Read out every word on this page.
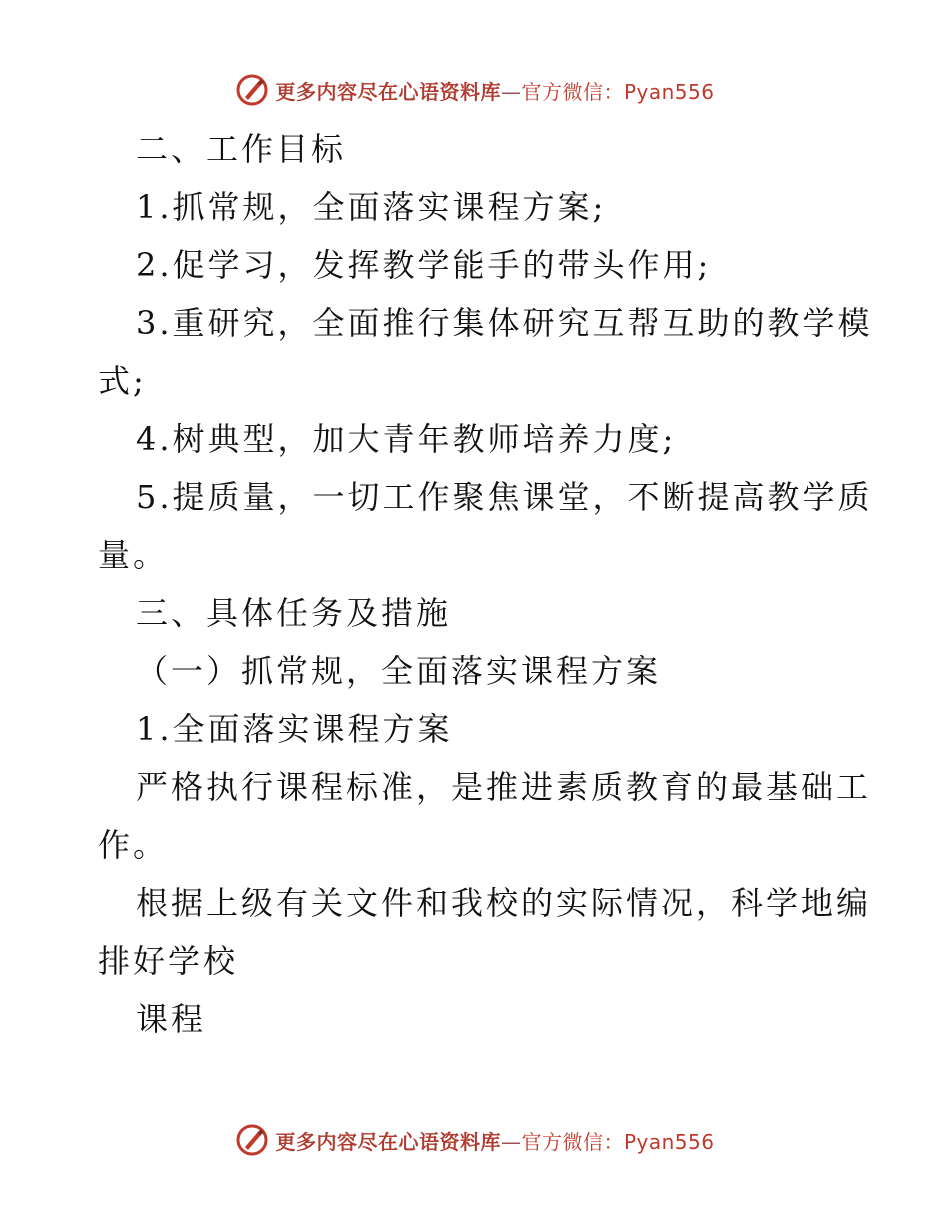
更多内容尽在心语资料库—官方微信：Pyan556
二、工作目标
1.抓常规，全面落实课程方案;
2.促学习，发挥教学能手的带头作用;
3.重研究，全面推行集体研究互帮互助的教学模
式;
4.树典型，加大青年教师培养力度;
5.提质量，一切工作聚焦课堂，不断提高教学质
量。
三、具体任务及措施
（一）抓常规，全面落实课程方案
1.全面落实课程方案
严格执行课程标准，是推进素质教育的最基础工
作。
根据上级有关文件和我校的实际情况，科学地编
排好学校
课程
更多内容尽在心语资料库—官方微信：Pyan556
